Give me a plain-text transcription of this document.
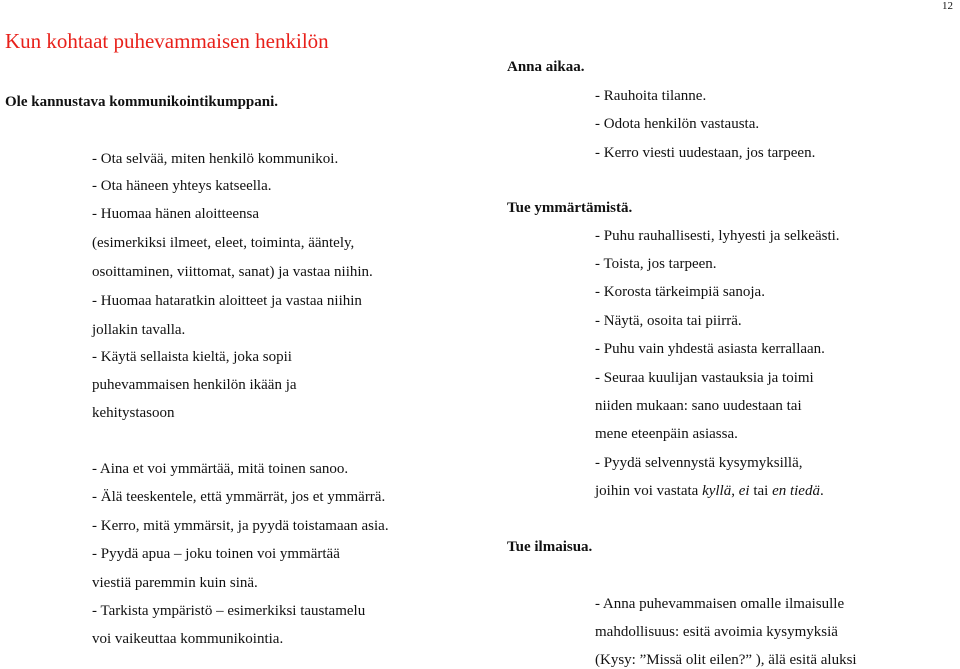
12
Kun kohtaat puhevammaisen henkilön
Ole kannustava kommunikointikumppani.
- Ota selvää, miten henkilö kommunikoi.
- Ota häneen yhteys katseella.
- Huomaa hänen aloitteensa
(esimerkiksi ilmeet, eleet, toiminta, ääntely,
osoittaminen, viittomat, sanat) ja vastaa niihin.
- Huomaa hataratkin aloitteet ja vastaa niihin
jollakin tavalla.
- Käytä sellaista kieltä, joka sopii
puhevammaisen henkilön ikään ja
kehitystasoon
- Aina et voi ymmärtää, mitä toinen sanoo.
- Älä teeskentele, että ymmärrät, jos et ymmärrä.
- Kerro, mitä ymmärsit, ja pyydä toistamaan asia.
- Pyydä apua – joku toinen voi ymmärtää
viestiä paremmin kuin sinä.
- Tarkista ympäristö – esimerkiksi taustamelu
voi vaikeuttaa kommunikointia.
Anna aikaa.
- Rauhoita tilanne.
- Odota henkilön vastausta.
- Kerro viesti uudestaan, jos tarpeen.
Tue ymmärtämistä.
- Puhu rauhallisesti, lyhyesti ja selkeästi.
- Toista, jos tarpeen.
- Korosta tärkeimpiä sanoja.
- Näytä, osoita tai piirrä.
- Puhu vain yhdestä asiasta kerrallaan.
- Seuraa kuulijan vastauksia ja toimi
niiden mukaan: sano uudestaan tai
mene eteenpäin asiassa.
- Pyydä selvennystä kysymyksillä,
joihin voi vastata kyllä, ei tai en tiedä.
Tue ilmaisua.
- Anna puhevammaisen omalle ilmaisulle
mahdollisuus: esitä avoimia kysymyksiä
(Kysy: ”Missä olit eilen?” ), älä esitä aluksi
